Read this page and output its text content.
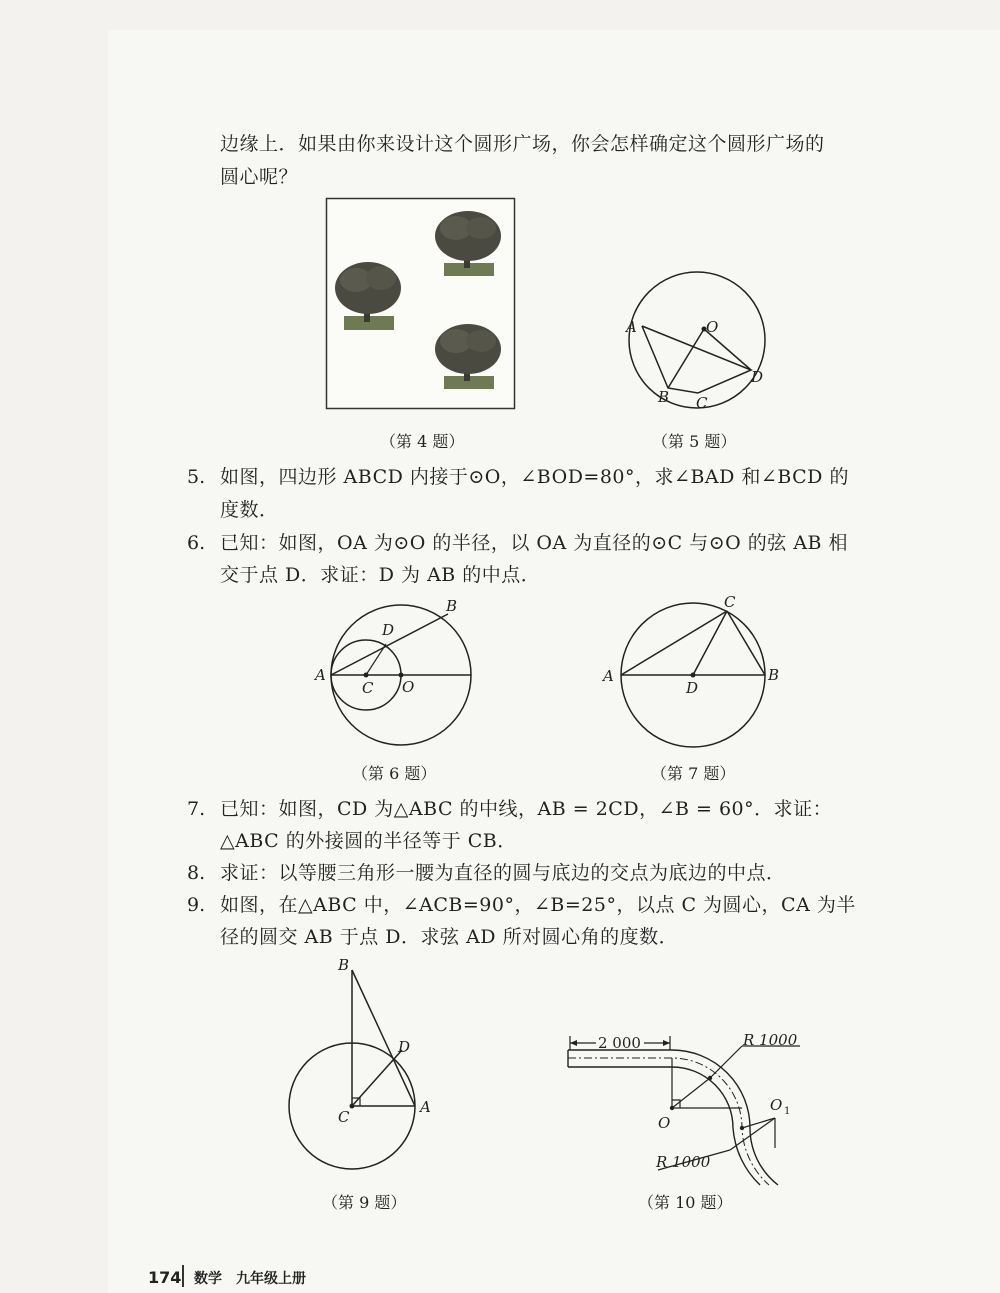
边缘上．如果由你来设计这个圆形广场，你会怎样确定这个圆形广场的
圆心呢？
（第 4 题）
A	O
B C
D
（第 5 题）
5. 如图，四边形 ABCD 内接于⊙O，∠BOD=80°，求∠BAD 和∠BCD 的
度数．
6. 已知：如图，OA 为⊙O 的半径，以 OA 为直径的⊙C 与⊙O 的弦 AB 相
交于点 D．求证：D 为 AB 的中点．
A
B
D
C O
（第 6 题）
A
C
B
D
（第 7 题）
7. 已知：如图，CD 为△ABC 的中线，AB = 2CD，∠B = 60°．求证：
△ABC 的外接圆的半径等于 CB．
8. 求证：以等腰三角形一腰为直径的圆与底边的交点为底边的中点．
9. 如图，在△ABC 中，∠ACB=90°，∠B=25°，以点 C 为圆心，CA 为半
径的圆交 AB 于点 D．求弦 AD 所对圆心角的度数．
B
D
C
A
（第 9 题）
2 000	R 1000
R 1000
O
O 1
（第 10 题）
174 数学　九年级上册
